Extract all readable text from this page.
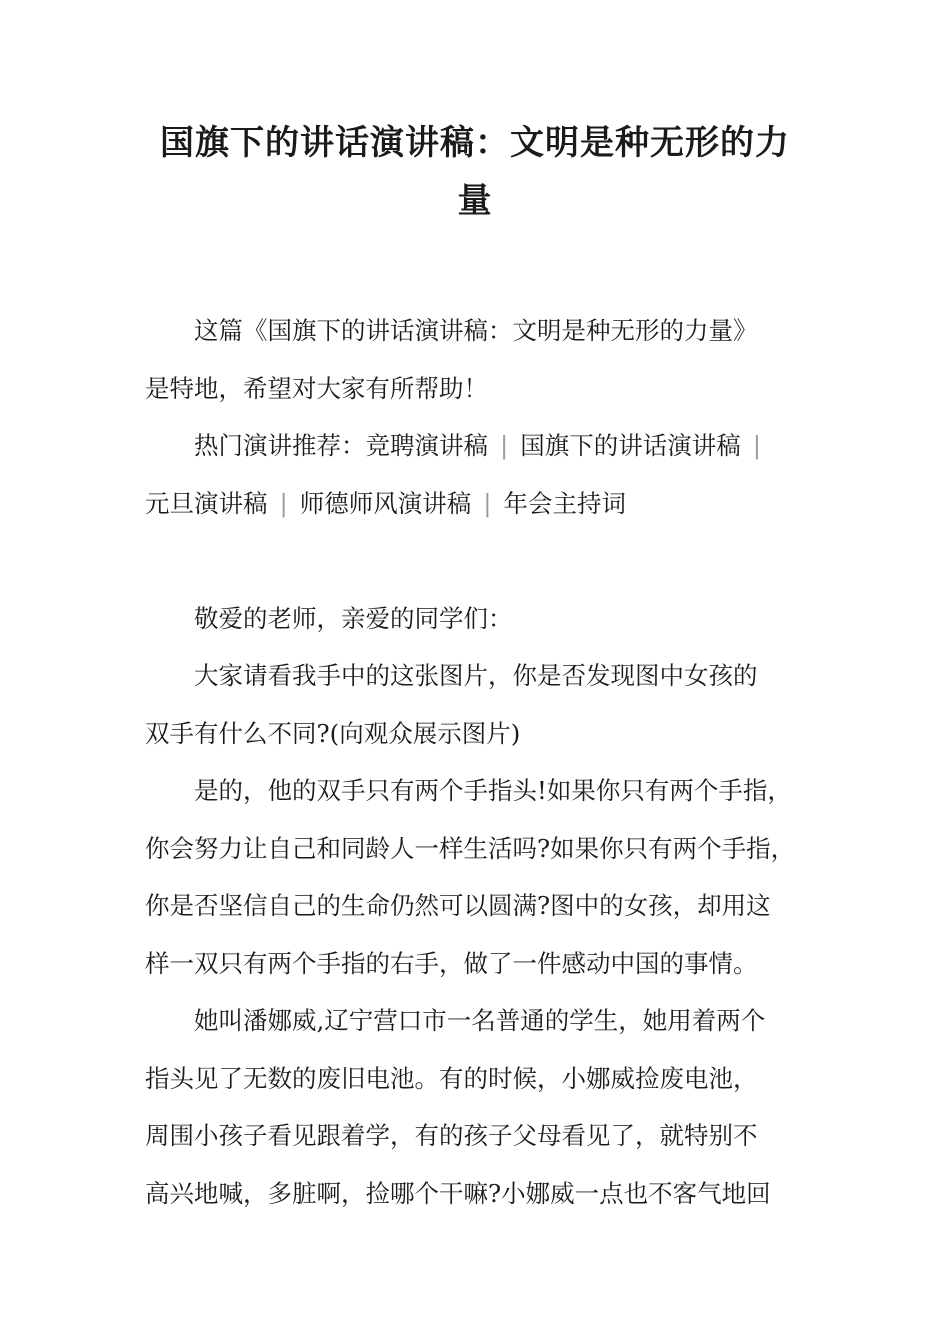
国旗下的讲话演讲稿：文明是种无形的力
量

这篇《国旗下的讲话演讲稿：文明是种无形的力量》
是特地，希望对大家有所帮助！

热门演讲推荐：竞聘演讲稿 | 国旗下的讲话演讲稿 |
元旦演讲稿 | 师德师风演讲稿 | 年会主持词

敬爱的老师，亲爱的同学们：

大家请看我手中的这张图片，你是否发现图中女孩的
双手有什么不同?(向观众展示图片)

是的，他的双手只有两个手指头!如果你只有两个手指，
你会努力让自己和同龄人一样生活吗?如果你只有两个手指，
你是否坚信自己的生命仍然可以圆满?图中的女孩，却用这
样一双只有两个手指的右手，做了一件感动中国的事情。

她叫潘娜威,辽宁营口市一名普通的学生，她用着两个
指头见了无数的废旧电池。有的时候，小娜威捡废电池，
周围小孩子看见跟着学，有的孩子父母看见了，就特别不
高兴地喊，多脏啊，捡哪个干嘛?小娜威一点也不客气地回
